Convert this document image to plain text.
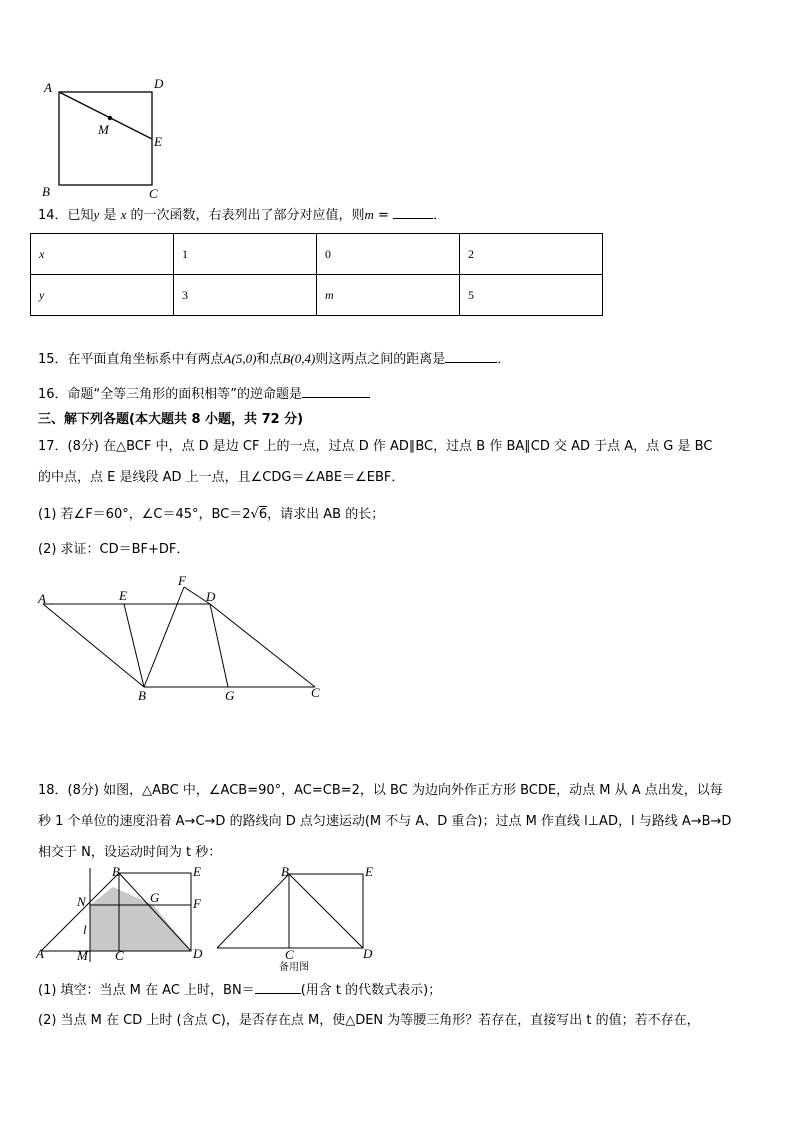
A	D
M
E
B	C
14．已知y 是 x 的一次函数，右表列出了部分对应值，则m =	．
x	1	0	2
y	3	m	5
15．在平面直角坐标系中有两点A(5,0)和点B(0,4)则这两点之间的距离是	．
16．命题“全等三角形的面积相等”的逆命题是
三、解下列各题(本大题共 8 小题，共 72 分)
17．(8分) 在△BCF 中，点 D 是边 CF 上的一点，过点 D 作 AD∥BC，过点 B 作 BA∥CD 交 AD 于点 A，点 G 是 BC
的中点，点 E 是线段 AD 上一点，且∠CDG＝∠ABE＝∠EBF．
(1) 若∠F＝60°，∠C＝45°，BC＝2√6，请求出 AB 的长；
(2) 求证：CD＝BF+DF．
A	E
F
D
B	G	C
18．(8分) 如图，△ABC 中，∠ACB=90°，AC=CB=2，以 BC 为边向外作正方形 BCDE，动点 M 从 A 点出发，以每
秒 1 个单位的速度沿着 A→C→D 的路线向 D 点匀速运动(M 不与 A、D 重合)；过点 M 作直线 l⊥AD，l 与路线 A→B→D
相交于 N，设运动时间为 t 秒：
B	E
N	G	F
l
A	M C	D
B	E
C	D
备用图
(1) 填空：当点 M 在 AC 上时，BN＝	(用含 t 的代数式表示)；
(2) 当点 M 在 CD 上时 (含点 C)，是否存在点 M，使△DEN 为等腰三角形？若存在，直接写出 t 的值；若不存在，
